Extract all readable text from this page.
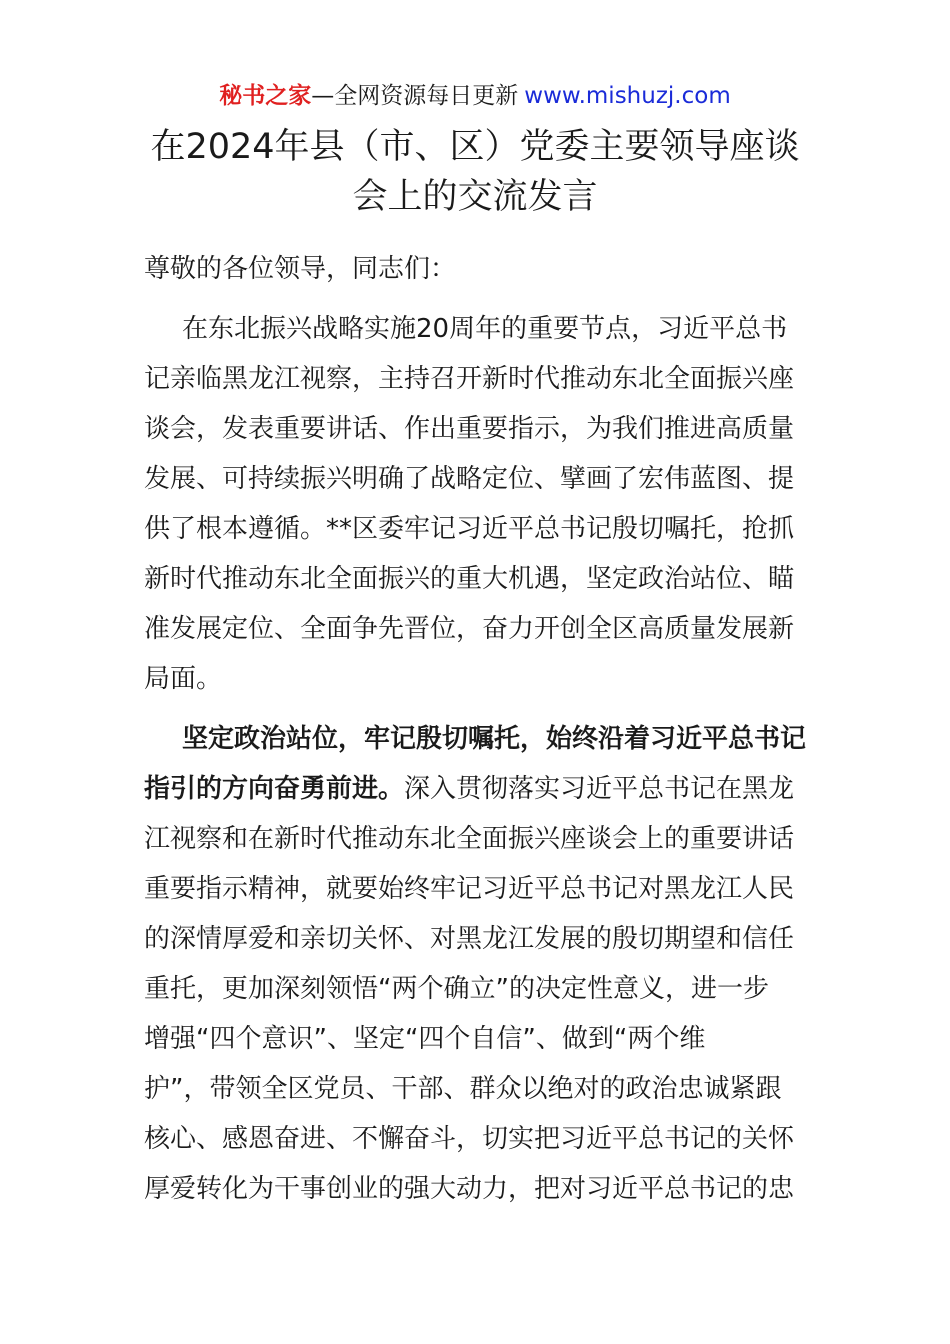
秘书之家—全网资源每日更新 www.mishuzj.com
在2024年县（市、区）党委主要领导座谈
会上的交流发言
尊敬的各位领导，同志们：
在东北振兴战略实施20周年的重要节点，习近平总书
记亲临黑龙江视察，主持召开新时代推动东北全面振兴座
谈会，发表重要讲话、作出重要指示，为我们推进高质量
发展、可持续振兴明确了战略定位、擘画了宏伟蓝图、提
供了根本遵循。**区委牢记习近平总书记殷切嘱托，抢抓
新时代推动东北全面振兴的重大机遇，坚定政治站位、瞄
准发展定位、全面争先晋位，奋力开创全区高质量发展新
局面。
坚定政治站位，牢记殷切嘱托，始终沿着习近平总书记
指引的方向奋勇前进。深入贯彻落实习近平总书记在黑龙
江视察和在新时代推动东北全面振兴座谈会上的重要讲话
重要指示精神，就要始终牢记习近平总书记对黑龙江人民
的深情厚爱和亲切关怀、对黑龙江发展的殷切期望和信任
重托，更加深刻领悟“两个确立”的决定性意义，进一步
增强“四个意识”、坚定“四个自信”、做到“两个维
护”，带领全区党员、干部、群众以绝对的政治忠诚紧跟
核心、感恩奋进、不懈奋斗，切实把习近平总书记的关怀
厚爱转化为干事创业的强大动力，把对习近平总书记的忠
